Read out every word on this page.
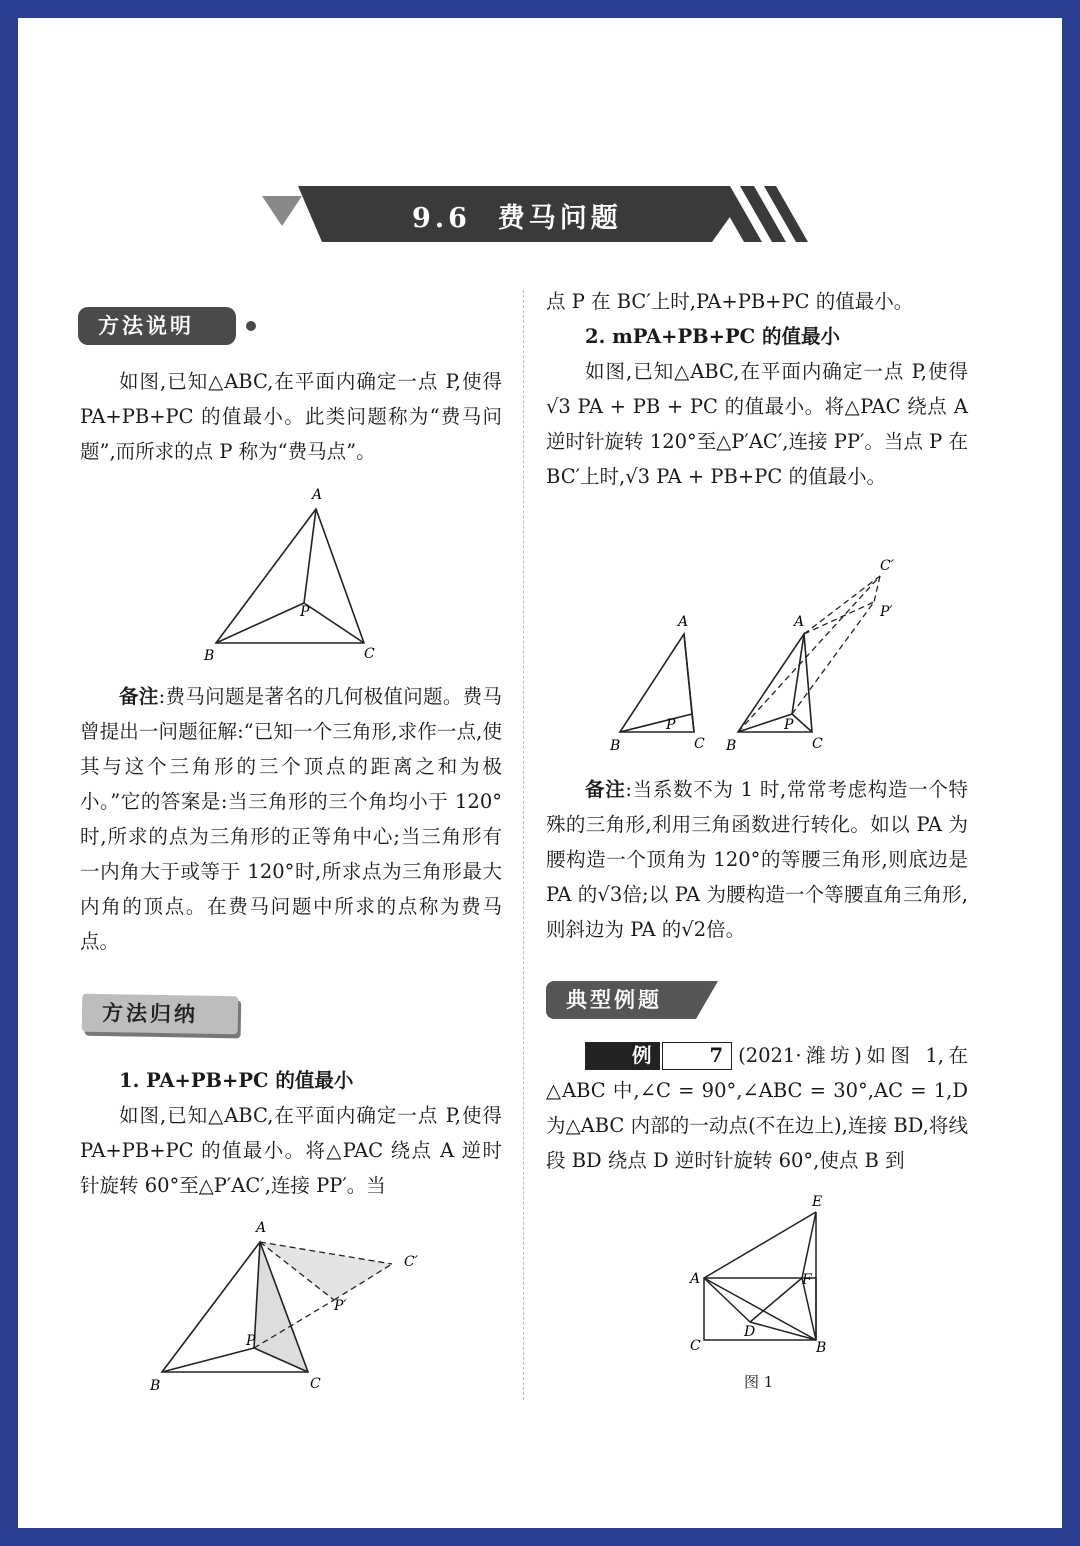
9.6 费马问题
方法说明

如图,已知△ABC,在平面内确定一点 P,使得 PA+PB+PC 的值最小。此类问题称为“费马问题”,而所求的点 P 称为“费马点”。

A
B	C
P

备注:费马问题是著名的几何极值问题。费马曾提出一问题征解:“已知一个三角形,求作一点,使其与这个三角形的三个顶点的距离之和为极小。”它的答案是:当三角形的三个角均小于 120°时,所求的点为三角形的正等角中心;当三角形有一内角大于或等于 120°时,所求点为三角形最大内角的顶点。在费马问题中所求的点称为费马点。

方法归纳

1. PA+PB+PC 的值最小

如图,已知△ABC,在平面内确定一点 P,使得 PA+PB+PC 的值最小。将△PAC 绕点 A 逆时针旋转 60°至△P′AC′,连接 PP′。当

A
B	C
P
C′
P′

点 P 在 BC′上时,PA+PB+PC 的值最小。

2. mPA+PB+PC 的值最小

如图,已知△ABC,在平面内确定一点 P,使得 √3 PA + PB + PC 的值最小。将△PAC 绕点 A 逆时针旋转 120°至△P′AC′,连接 PP′。当点 P 在 BC′上时,√3 PA + PB+PC 的值最小。

A
B	C
P
A
B	C
P
C′
P′

备注:当系数不为 1 时,常常考虑构造一个特殊的三角形,利用三角函数进行转化。如以 PA 为腰构造一个顶角为 120°的等腰三角形,则底边是 PA 的√3倍;以 PA 为腰构造一个等腰直角三角形,则斜边为 PA 的√2倍。

典型例题

例	7 (2021·潍坊)如图 1,在△ABC 中,∠C = 90°,∠ABC = 30°,AC = 1,D 为△ABC 内部的一动点(不在边上),连接 BD,将线段 BD 绕点 D 逆时针旋转 60°,使点 B 到

E
A	F
D
C	B
图 1
